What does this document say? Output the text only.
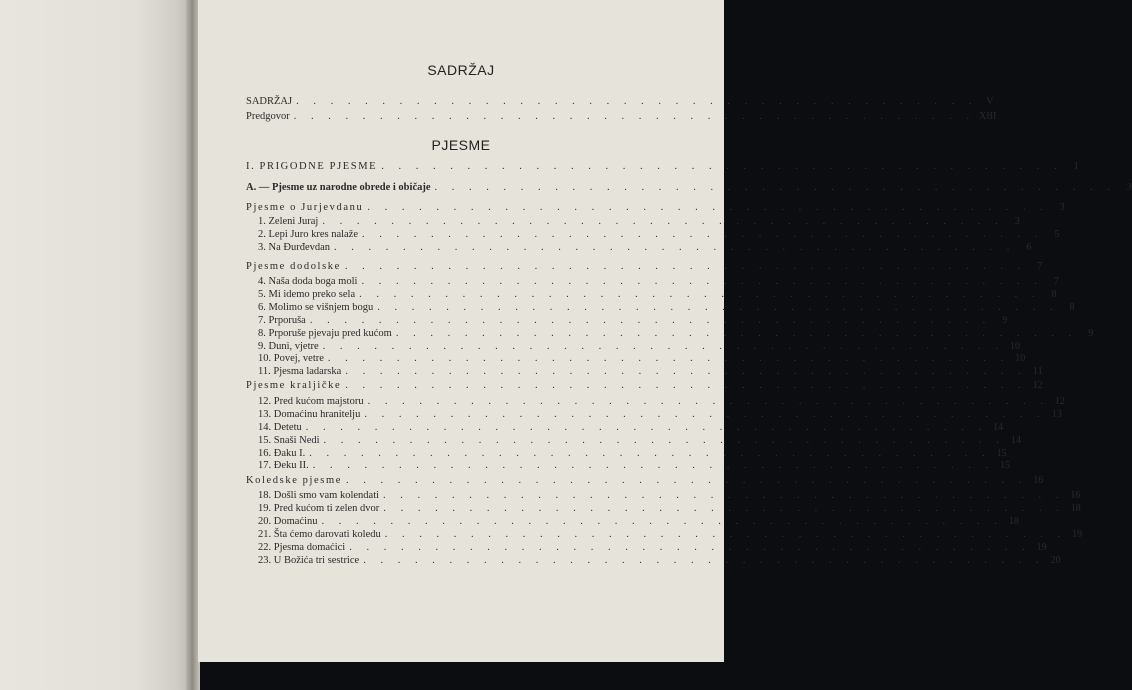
SADRŽAJ
PJESME
SADRŽAJ . . . . . . . . . . . . . . . . . . . . . . . . . . . . . . . . . . . . . . . . V
Predgovor . . . . . . . . . . . . . . . . . . . . . . . . . . . . . . . . . . . . . . . . XIII
I. PRIGODNE PJESME . . . . . . . . . . . . . . . . . . . . . . . . . . . . . . . . . . . . . . . .	1
A. — Pjesme uz narodne obrede i običaje . . . . . . . . . . . . . . . . . . . . . . . . . . . . . . . . . . . . . . . .	3
Pjesme o Jurjevdanu . . . . . . . . . . . . . . . . . . . . . . . . . . . . . . . . . . . . . . . .	3
1. Zeleni Juraj . . . . . . . . . . . . . . . . . . . . . . . . . . . . . . . . . . . . . . . .	3
2. Lepi Juro kres nalaže . . . . . . . . . . . . . . . . . . . . . . . . . . . . . . . . . . . . . . . .	5
3. Na Đurđevdan . . . . . . . . . . . . . . . . . . . . . . . . . . . . . . . . . . . . . . . .	6
Pjesme dodolske . . . . . . . . . . . . . . . . . . . . . . . . . . . . . . . . . . . . . . . .	7
4. Naša doda boga moli . . . . . . . . . . . . . . . . . . . . . . . . . . . . . . . . . . . . . . . .	7
5. Mi idemo preko sela . . . . . . . . . . . . . . . . . . . . . . . . . . . . . . . . . . . . . . . .	8
6. Molimo se višnjem bogu . . . . . . . . . . . . . . . . . . . . . . . . . . . . . . . . . . . . . . . .	8
7. Prporuša . . . . . . . . . . . . . . . . . . . . . . . . . . . . . . . . . . . . . . . .	9
8. Prporuše pjevaju pred kućom . . . . . . . . . . . . . . . . . . . . . . . . . . . . . . . . . . . . . . . .	9
9. Duni, vjetre . . . . . . . . . . . . . . . . . . . . . . . . . . . . . . . . . . . . . . . . 10
10. Povej, vetre . . . . . . . . . . . . . . . . . . . . . . . . . . . . . . . . . . . . . . . . 10
11. Pjesma ladarska . . . . . . . . . . . . . . . . . . . . . . . . . . . . . . . . . . . . . . . . 11
Pjesme kraljičke . . . . . . . . . . . . . . . . . . . . . . . . . . . . . . . . . . . . . . . . 12
12. Pred kućom majstoru . . . . . . . . . . . . . . . . . . . . . . . . . . . . . . . . . . . . . . . . 12
13. Domaćinu hranitelju . . . . . . . . . . . . . . . . . . . . . . . . . . . . . . . . . . . . . . . . 13
14. Detetu . . . . . . . . . . . . . . . . . . . . . . . . . . . . . . . . . . . . . . . . 14
15. Snaši Nedi . . . . . . . . . . . . . . . . . . . . . . . . . . . . . . . . . . . . . . . . 14
16. Đaku I. . . . . . . . . . . . . . . . . . . . . . . . . . . . . . . . . . . . . . . . . 15
17. Đeku II. . . . . . . . . . . . . . . . . . . . . . . . . . . . . . . . . . . . . . . . . 15
Koledske pjesme . . . . . . . . . . . . . . . . . . . . . . . . . . . . . . . . . . . . . . . . 16
18. Došli smo vam kolendati . . . . . . . . . . . . . . . . . . . . . . . . . . . . . . . . . . . . . . . . 16
19. Pred kućom ti zelen dvor . . . . . . . . . . . . . . . . . . . . . . . . . . . . . . . . . . . . . . . . 18
20. Domaćinu . . . . . . . . . . . . . . . . . . . . . . . . . . . . . . . . . . . . . . . . 18
21. Šta ćemo darovati koledu . . . . . . . . . . . . . . . . . . . . . . . . . . . . . . . . . . . . . . . . 19
22. Pjesma domaćici . . . . . . . . . . . . . . . . . . . . . . . . . . . . . . . . . . . . . . . . 19
23. U Božića tri sestrice . . . . . . . . . . . . . . . . . . . . . . . . . . . . . . . . . . . . . . . . 20
